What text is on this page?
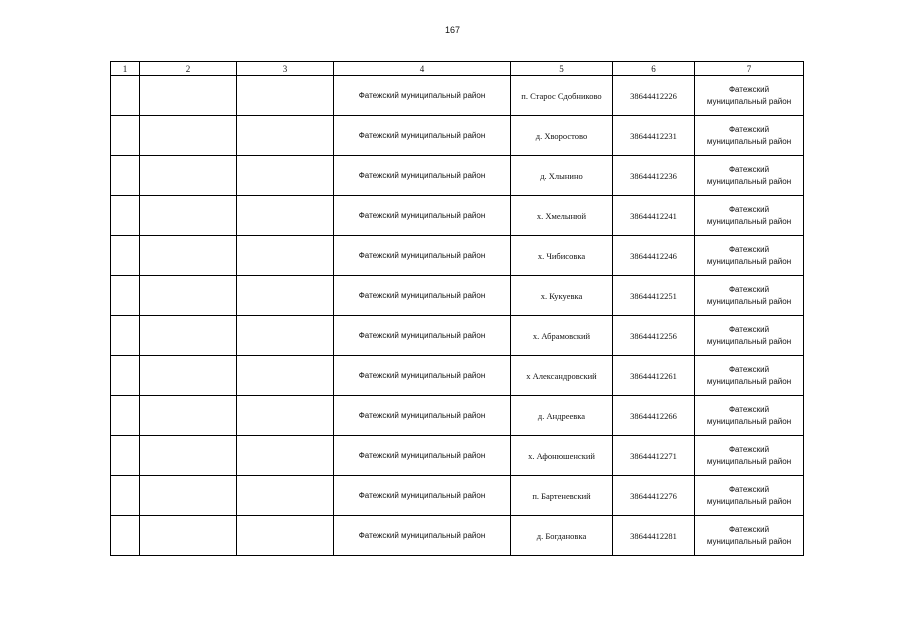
167
1	2	3	4	5	6	7
			Фатежский муниципальный район	п. Старос Сдобниково	38644412226	Фатежский
муниципальный район

			Фатежский муниципальный район	д. Хворостово	38644412231	Фатежский
муниципальный район

			Фатежский муниципальный район	д. Хлынино	38644412236	Фатежский
муниципальный район

			Фатежский муниципальный район	х. Хмелынюй	38644412241	Фатежский
муниципальный район

			Фатежский муниципальный район	х. Чибисовка	38644412246	Фатежский
муниципальный район

			Фатежский муниципальный район	х. Кукуевка	38644412251	Фатежский
муниципальный район

			Фатежский муниципальный район	х. Абрамовский	38644412256	Фатежский
муниципальный район

			Фатежский муниципальный район	х Александровский	38644412261	Фатежский
муниципальный район

			Фатежский муниципальный район	д. Андреевка	38644412266	Фатежский
муниципальный район

			Фатежский муниципальный район	х. Афонюшенский	38644412271	Фатежский
муниципальный район

			Фатежский муниципальный район	п. Бартеневский	38644412276	Фатежский
муниципальный район

			Фатежский муниципальный район	д. Богдановка	38644412281	Фатежский
муниципальный район
